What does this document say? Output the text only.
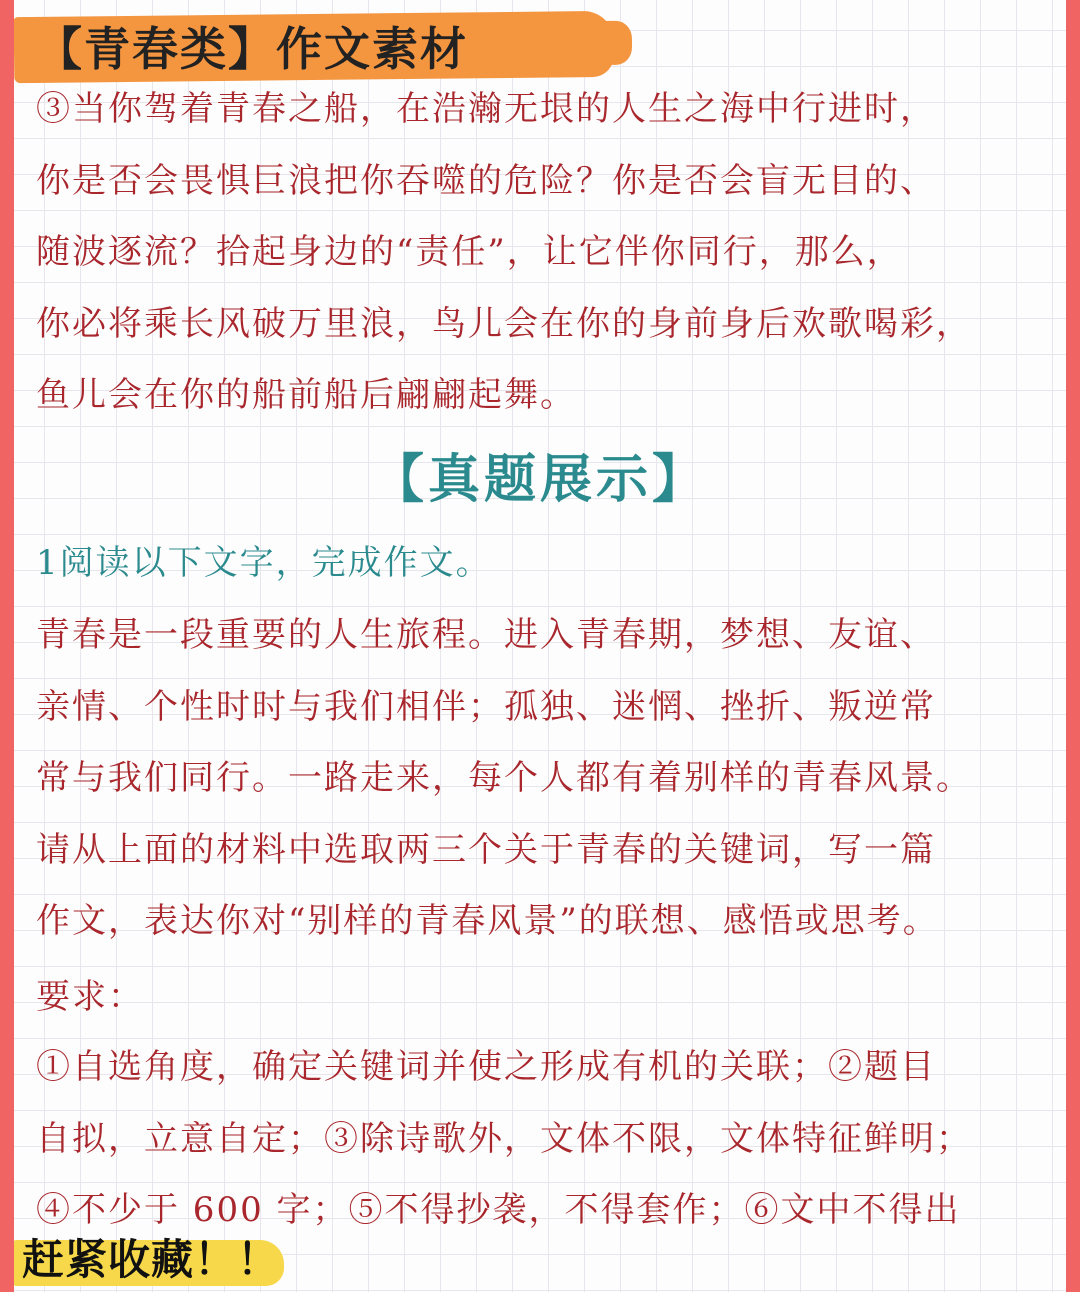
【青春类】作文素材
③当你驾着青春之船，在浩瀚无垠的人生之海中行进时，
你是否会畏惧巨浪把你吞噬的危险？你是否会盲无目的、
随波逐流？拾起身边的“责任”，让它伴你同行，那么，
你必将乘长风破万里浪，鸟儿会在你的身前身后欢歌喝彩，
鱼儿会在你的船前船后翩翩起舞。
【真题展示】
1阅读以下文字，完成作文。
青春是一段重要的人生旅程。进入青春期，梦想、友谊、
亲情、个性时时与我们相伴；孤独、迷惘、挫折、叛逆常
常与我们同行。一路走来，每个人都有着别样的青春风景。
请从上面的材料中选取两三个关于青春的关键词，写一篇
作文，表达你对“别样的青春风景”的联想、感悟或思考。
要求：
①自选角度，确定关键词并使之形成有机的关联；②题目
自拟，立意自定；③除诗歌外，文体不限，文体特征鲜明；
④不少于 600 字；⑤不得抄袭，不得套作；⑥文中不得出
赶紧收藏！！
